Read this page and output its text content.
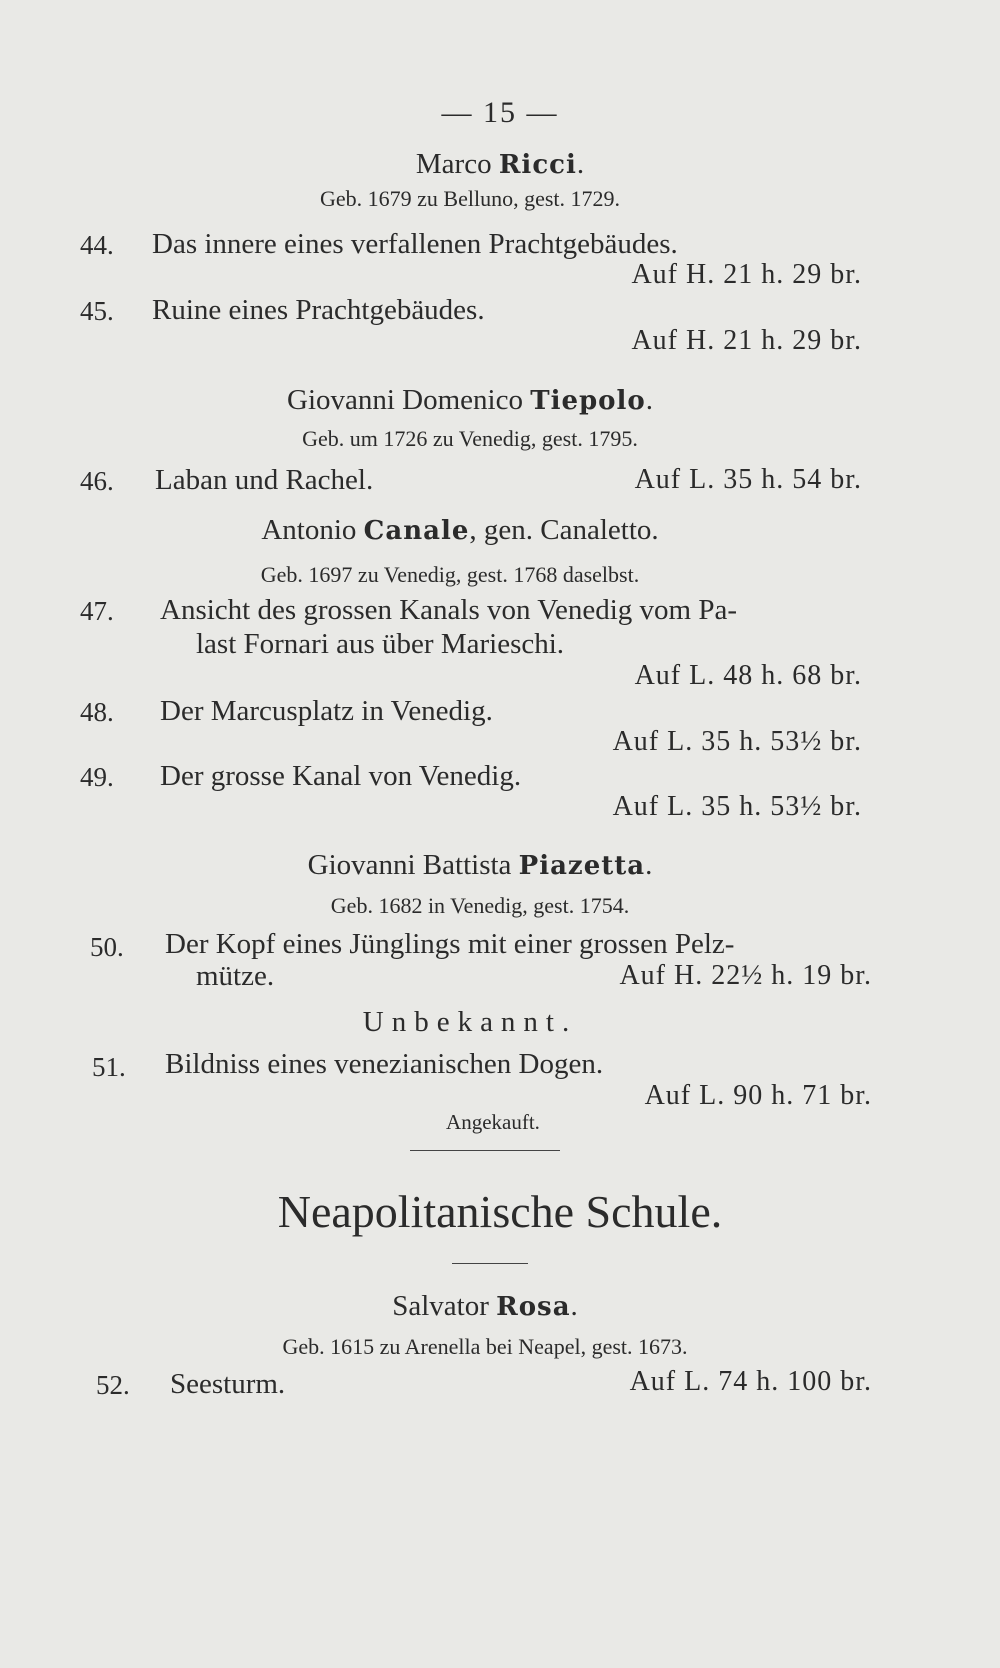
— 15 —
Marco Ricci.
Geb. 1679 zu Belluno, gest. 1729.
44. Das innere eines verfallenen Prachtgebäudes.
Auf H. 21 h. 29 br.
45. Ruine eines Prachtgebäudes.
Auf H. 21 h. 29 br.
Giovanni Domenico Tiepolo.
Geb. um 1726 zu Venedig, gest. 1795.
46. Laban und Rachel.	Auf L. 35 h. 54 br.
Antonio Canale, gen. Canaletto.
Geb. 1697 zu Venedig, gest. 1768 daselbst.
47. Ansicht des grossen Kanals von Venedig vom Pa-
last Fornari aus über Marieschi.
Auf L. 48 h. 68 br.
48. Der Marcusplatz in Venedig.
Auf L. 35 h. 53½ br.
49. Der grosse Kanal von Venedig.
Auf L. 35 h. 53½ br.
Giovanni Battista Piazetta.
Geb. 1682 in Venedig, gest. 1754.
50. Der Kopf eines Jünglings mit einer grossen Pelz-
mütze.	Auf H. 22½ h. 19 br.
Unbekannt.
51. Bildniss eines venezianischen Dogen.
Auf L. 90 h. 71 br.
Angekauft.
Neapolitanische Schule.
Salvator Rosa.
Geb. 1615 zu Arenella bei Neapel, gest. 1673.
52. Seesturm.	Auf L. 74 h. 100 br.
